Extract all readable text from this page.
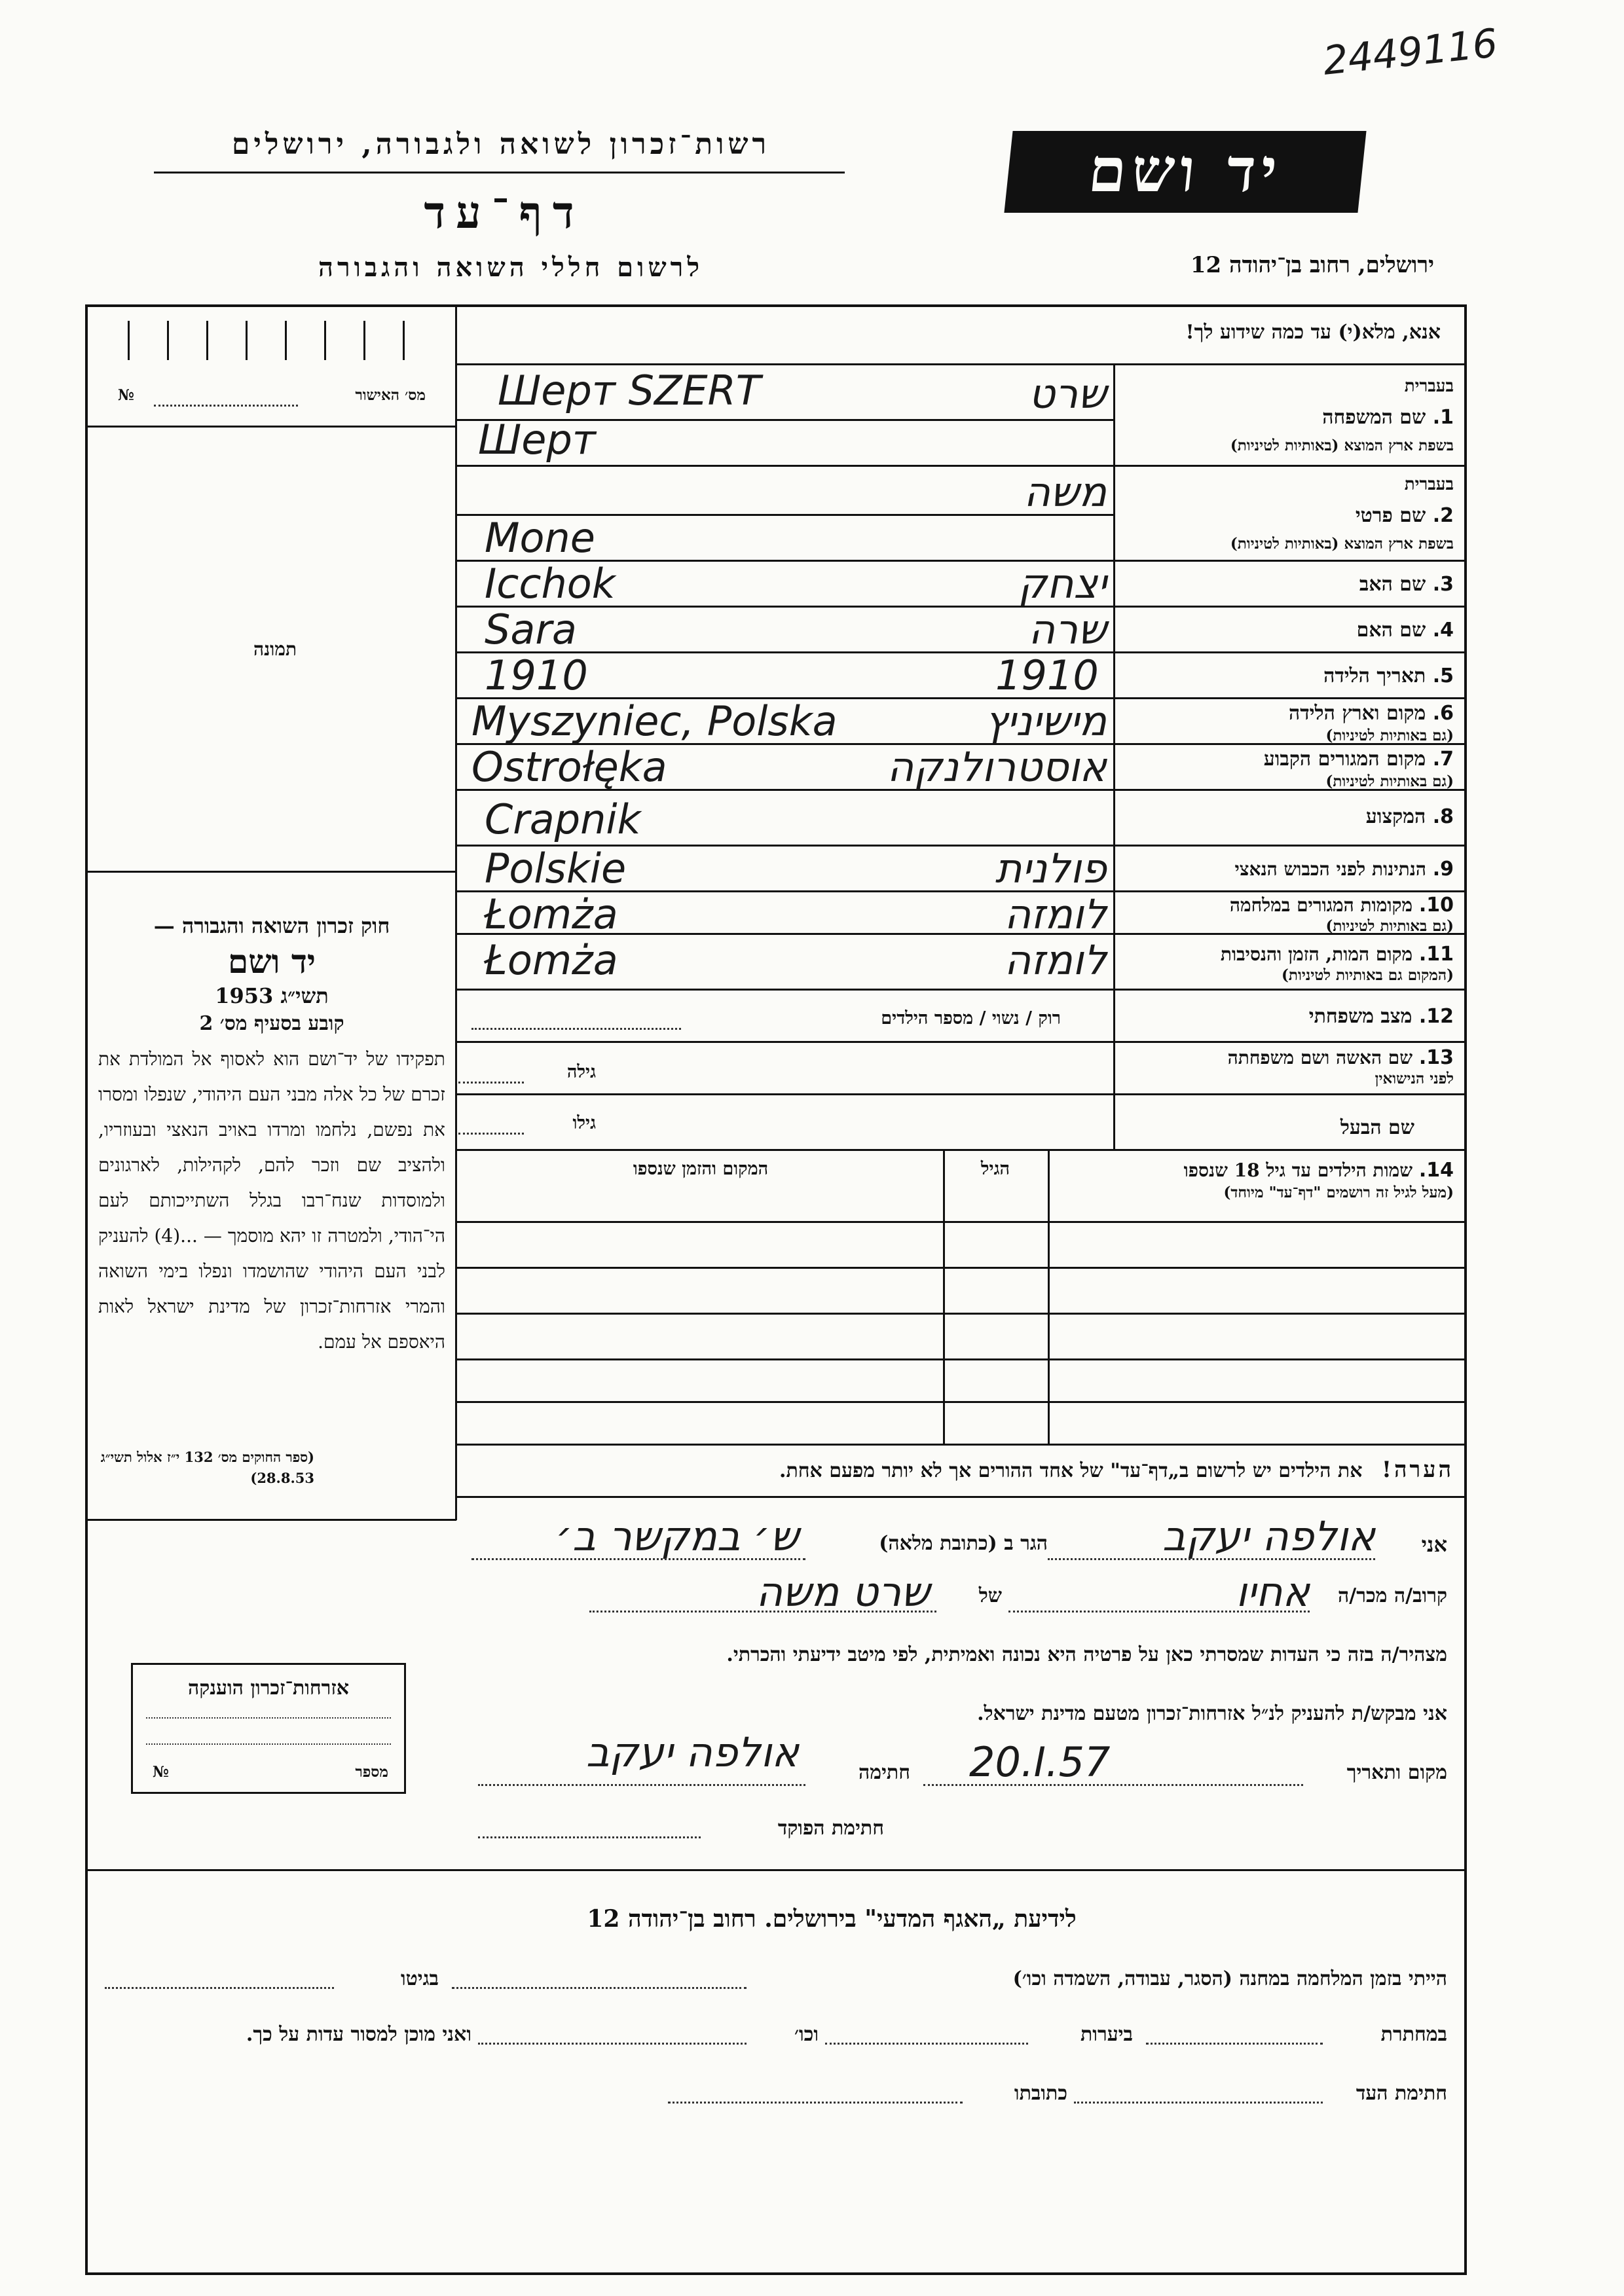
2449116
רשות־זכרון לשואה ולגבורה, ירושלים
דף־עד
לרשום חללי השואה והגבורה
יד ושם
ירושלים, רחוב בן־יהודה 12
מס׳ האישור
№
תמונה

חוק זכרון השואה והגבורה —

יד ושם

תשי״ג 1953

קובע בסעיף מס׳ 2

תפקידו של יד־ושם הוא לאסוף אל המולדת את זכרם של כל אלה מבני העם היהודי, שנפלו ומסרו את נפשם, נלחמו ומרדו באויב הנאצי ובעוזריו, ולהציב שם וזכר להם, לקהילות, לארגונים ולמוסדות שנח־רבו בגלל השתייכותם לעם הי־הודי, ולמטרה זו יהא מוסמך — ...(4) להעניק לבני העם היהודי שהושמדו ונפלו בימי השואה והמרי אזרחות־זכרון של מדינת ישראל לאות היאספם אל עמם.

(ספר החוקים מס׳ 132 י״ז אלול תשי״ג 28.8.53)
אנא, מלא(י) עד כמה שידוע לך!
בעברית
1. שם המשפחה
בשפת ארץ המוצא (באותיות לטיניות)
שרט
Шерт SZERT
Шерт
בעברית
2. שם פרטי
בשפת ארץ המוצא (באותיות לטיניות)
משה
Mone
3. שם האב
יצחק
Icchok
4. שם האם
שרה
Sara
5. תאריך הלידה
1910
1910
6. מקום וארץ הלידה
(גם באותיות לטיניות)
מישיניץ
Myszyniec, Polska
7. מקום המגורים הקבוע
(גם באותיות לטיניות)
אוסטרולנקה
Ostrołęka
8. המקצוע
Crapnik
9. הנתינות לפני הכבוש הנאצי
פולנית
Polskie
10. מקומות המגורים במלחמה
(גם באותיות לטיניות)
לומזה
Łomża
11. מקום המות, הזמן והנסיבות
(המקום גם באותיות לטיניות)
לומזה
Łomża
12. מצב משפחתי
רוק / נשוי / מספר הילדים
13. שם האשה ושם משפחתה
לפני הנישואין
גילה
שם הבעל
גילו
14. שמות הילדים עד גיל 18 שנספו
(מעל לגיל זה רושמים "דף־עד" מיוחד)
הגיל
המקום והזמן שנספו
הערה! את הילדים יש לרשום ב„דף־עד" של אחד ההורים אך לא יותר מפעם אחת.
אני
אולפה יעקב
הגר ב (כתובת מלאה)
ש׳ במקשר ב׳
קרוב/ה מכר/ה
אחיו
של
שרט משה
מצהיר/ה בזה כי העדות שמסרתי כאן על פרטיה היא נכונה ואמיתית, לפי מיטב ידיעתי והכרתי.
אני מבקש/ת להעניק לנ״ל אזרחות־זכרון מטעם מדינת ישראל.
מקום ותאריך
20.I.57
חתימה
אולפה יעקב
חתימת הפוקד
אזרחות־זכרון הוענקה
מספר
№
לידיעת „האגף המדעי" בירושלים. רחוב בן־יהודה 12
הייתי בזמן המלחמה במחנה (הסגר, עבודה, השמדה וכו׳)
בגיטו
במחתרת
ביערות
וכו׳
ואני מוכן למסור עדות על כך.
חתימת העד
כתובתו
